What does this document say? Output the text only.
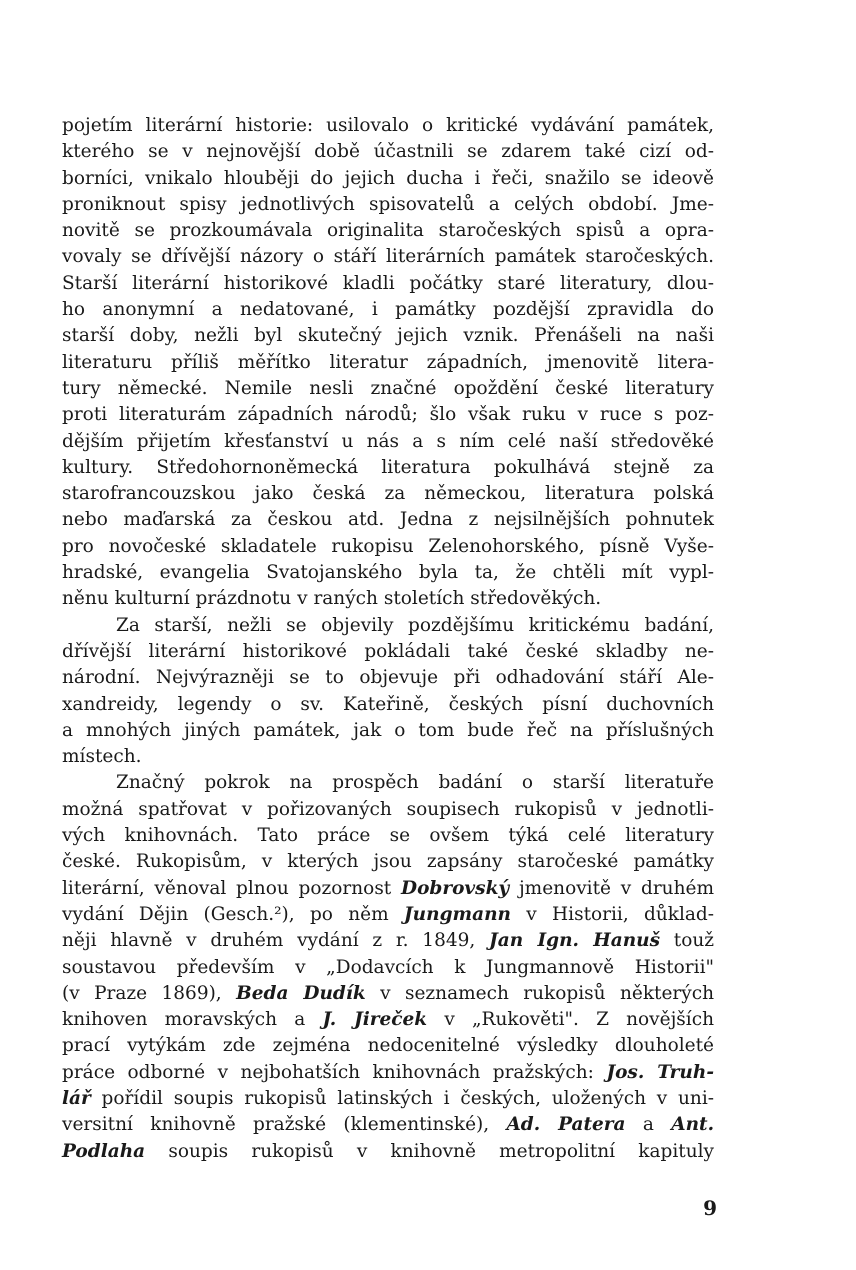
pojetím literární historie: usilovalo o kritické vydávání památek,
kterého se v nejnovější době účastnili se zdarem také cizí od-
borníci, vnikalo hlouběji do jejich ducha i řeči, snažilo se ideově
proniknout spisy jednotlivých spisovatelů a celých období. Jme-
novitě se prozkoumávala originalita staročeských spisů a opra-
vovaly se dřívější názory o stáří literárních památek staročeských.
Starší literární historikové kladli počátky staré literatury, dlou-
ho anonymní a nedatované, i památky pozdější zpravidla do
starší doby, nežli byl skutečný jejich vznik. Přenášeli na naši
literaturu příliš měřítko literatur západních, jmenovitě litera-
tury německé. Nemile nesli značné opoždění české literatury
proti literaturám západních národů; šlo však ruku v ruce s poz-
dějším přijetím křesťanství u nás a s ním celé naší středověké
kultury. Středohornoněmecká literatura pokulhává stejně za
starofrancouzskou jako česká za německou, literatura polská
nebo maďarská za českou atd. Jedna z nejsilnějších pohnutek
pro novočeské skladatele rukopisu Zelenohorského, písně Vyše-
hradské, evangelia Svatojanského byla ta, že chtěli mít vypl-
něnu kulturní prázdnotu v raných stoletích středověkých.
Za starší, nežli se objevily pozdějšímu kritickému badání,
dřívější literární historikové pokládali také české skladby ne-
národní. Nejvýrazněji se to objevuje při odhadování stáří Ale-
xandreidy, legendy o sv. Kateřině, českých písní duchovních
a mnohých jiných památek, jak o tom bude řeč na příslušných
místech.
Značný pokrok na prospěch badání o starší literatuře
možná spatřovat v pořizovaných soupisech rukopisů v jednotli-
vých knihovnách. Tato práce se ovšem týká celé literatury
české. Rukopisům, v kterých jsou zapsány staročeské památky
literární, věnoval plnou pozornost Dobrovský jmenovitě v druhém
vydání Dějin (Gesch.²), po něm Jungmann v Historii, důklad-
něji hlavně v druhém vydání z r. 1849, Jan Ign. Hanuš touž
soustavou především v „Dodavcích k Jungmannově Historii"
(v Praze 1869), Beda Dudík v seznamech rukopisů některých
knihoven moravských a J. Jireček v „Rukověti". Z novějších
prací vytýkám zde zejména nedocenitelné výsledky dlouholeté
práce odborné v nejbohatších knihovnách pražských: Jos. Truh-
lář pořídil soupis rukopisů latinských i českých, uložených v uni-
versitní knihovně pražské (klementinské), Ad. Patera a Ant.
Podlaha soupis rukopisů v knihovně metropolitní kapituly
9
